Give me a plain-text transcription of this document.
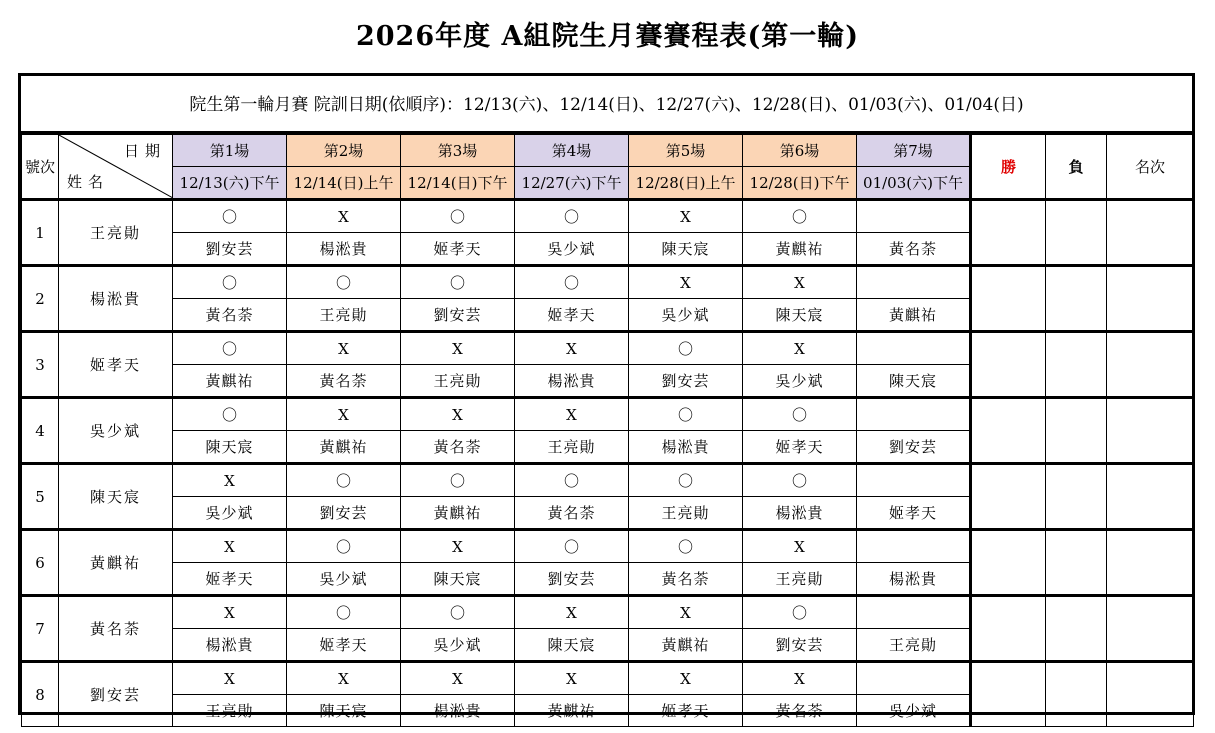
2026年度 A組院生月賽賽程表(第一輪)
院生第一輪月賽 院訓日期(依順序)：12/13(六)、12/14(日)、12/27(六)、12/28(日)、01/03(六)、01/04(日)
號次	日期
姓名	第1場	第2場	第3場	第4場	第5場	第6場	第7場	勝	負	名次
		12/13(六)下午	12/14(日)上午	12/14(日)下午	12/27(六)下午	12/28(日)上午	12/28(日)下午	01/03(六)下午			
1	王亮勛	〇	X	〇	〇	X	〇				
		劉安芸	楊淞貴	姬孝天	吳少斌	陳天宸	黃麒祐	黃名荼			
2	楊淞貴	〇	〇	〇	〇	X	X				
		黃名荼	王亮勛	劉安芸	姬孝天	吳少斌	陳天宸	黃麒祐			
3	姬孝天	〇	X	X	X	〇	X				
		黃麒祐	黃名荼	王亮勛	楊淞貴	劉安芸	吳少斌	陳天宸			
4	吳少斌	〇	X	X	X	〇	〇				
		陳天宸	黃麒祐	黃名荼	王亮勛	楊淞貴	姬孝天	劉安芸			
5	陳天宸	X	〇	〇	〇	〇	〇				
		吳少斌	劉安芸	黃麒祐	黃名荼	王亮勛	楊淞貴	姬孝天			
6	黃麒祐	X	〇	X	〇	〇	X				
		姬孝天	吳少斌	陳天宸	劉安芸	黃名荼	王亮勛	楊淞貴			
7	黃名荼	X	〇	〇	X	X	〇				
		楊淞貴	姬孝天	吳少斌	陳天宸	黃麒祐	劉安芸	王亮勛			
8	劉安芸	X	X	X	X	X	X				
		王亮勛	陳天宸	楊淞貴	黃麒祐	姬孝天	黃名荼	吳少斌			
